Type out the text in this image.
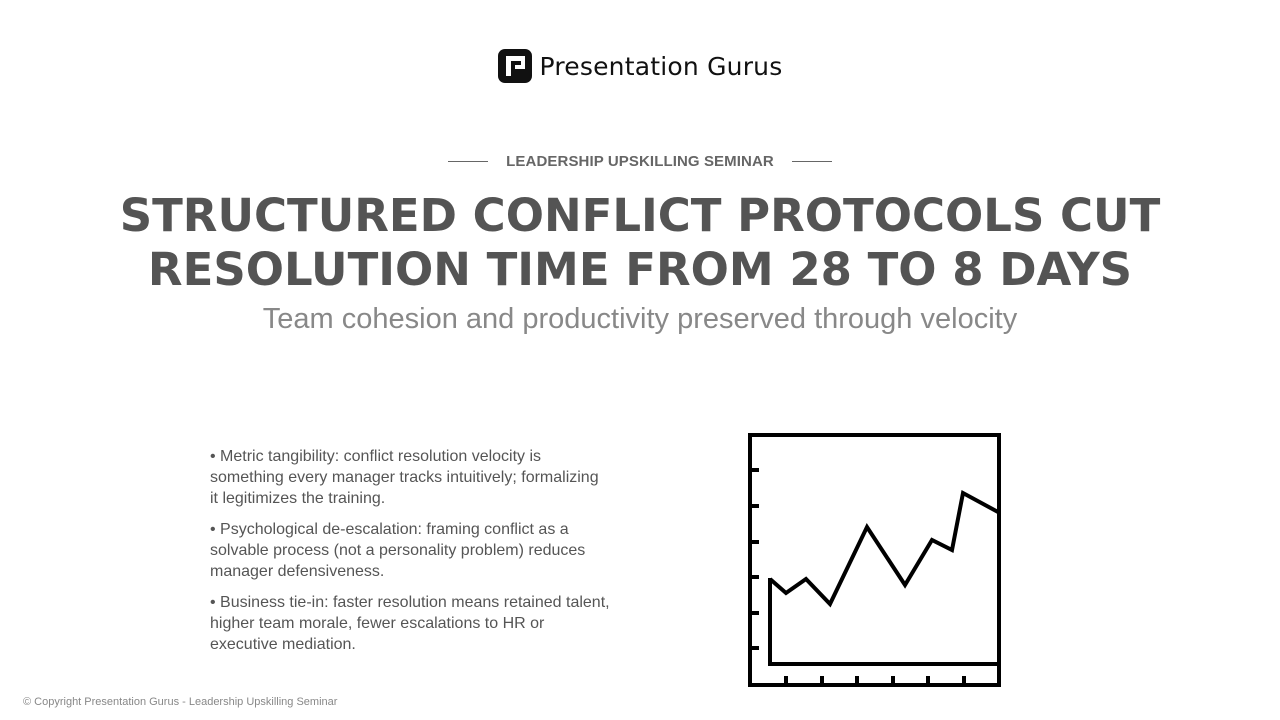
Presentation Gurus
LEADERSHIP UPSKILLING SEMINAR
STRUCTURED CONFLICT PROTOCOLS CUT RESOLUTION TIME FROM 28 TO 8 DAYS
Team cohesion and productivity preserved through velocity

• Metric tangibility: conflict resolution velocity is something every manager tracks intuitively; formalizing it legitimizes the training.

• Psychological de-escalation: framing conflict as a solvable process (not a personality problem) reduces manager defensiveness.

• Business tie-in: faster resolution means retained talent, higher team morale, fewer escalations to HR or executive mediation.

© Copyright Presentation Gurus - Leadership Upskilling Seminar
